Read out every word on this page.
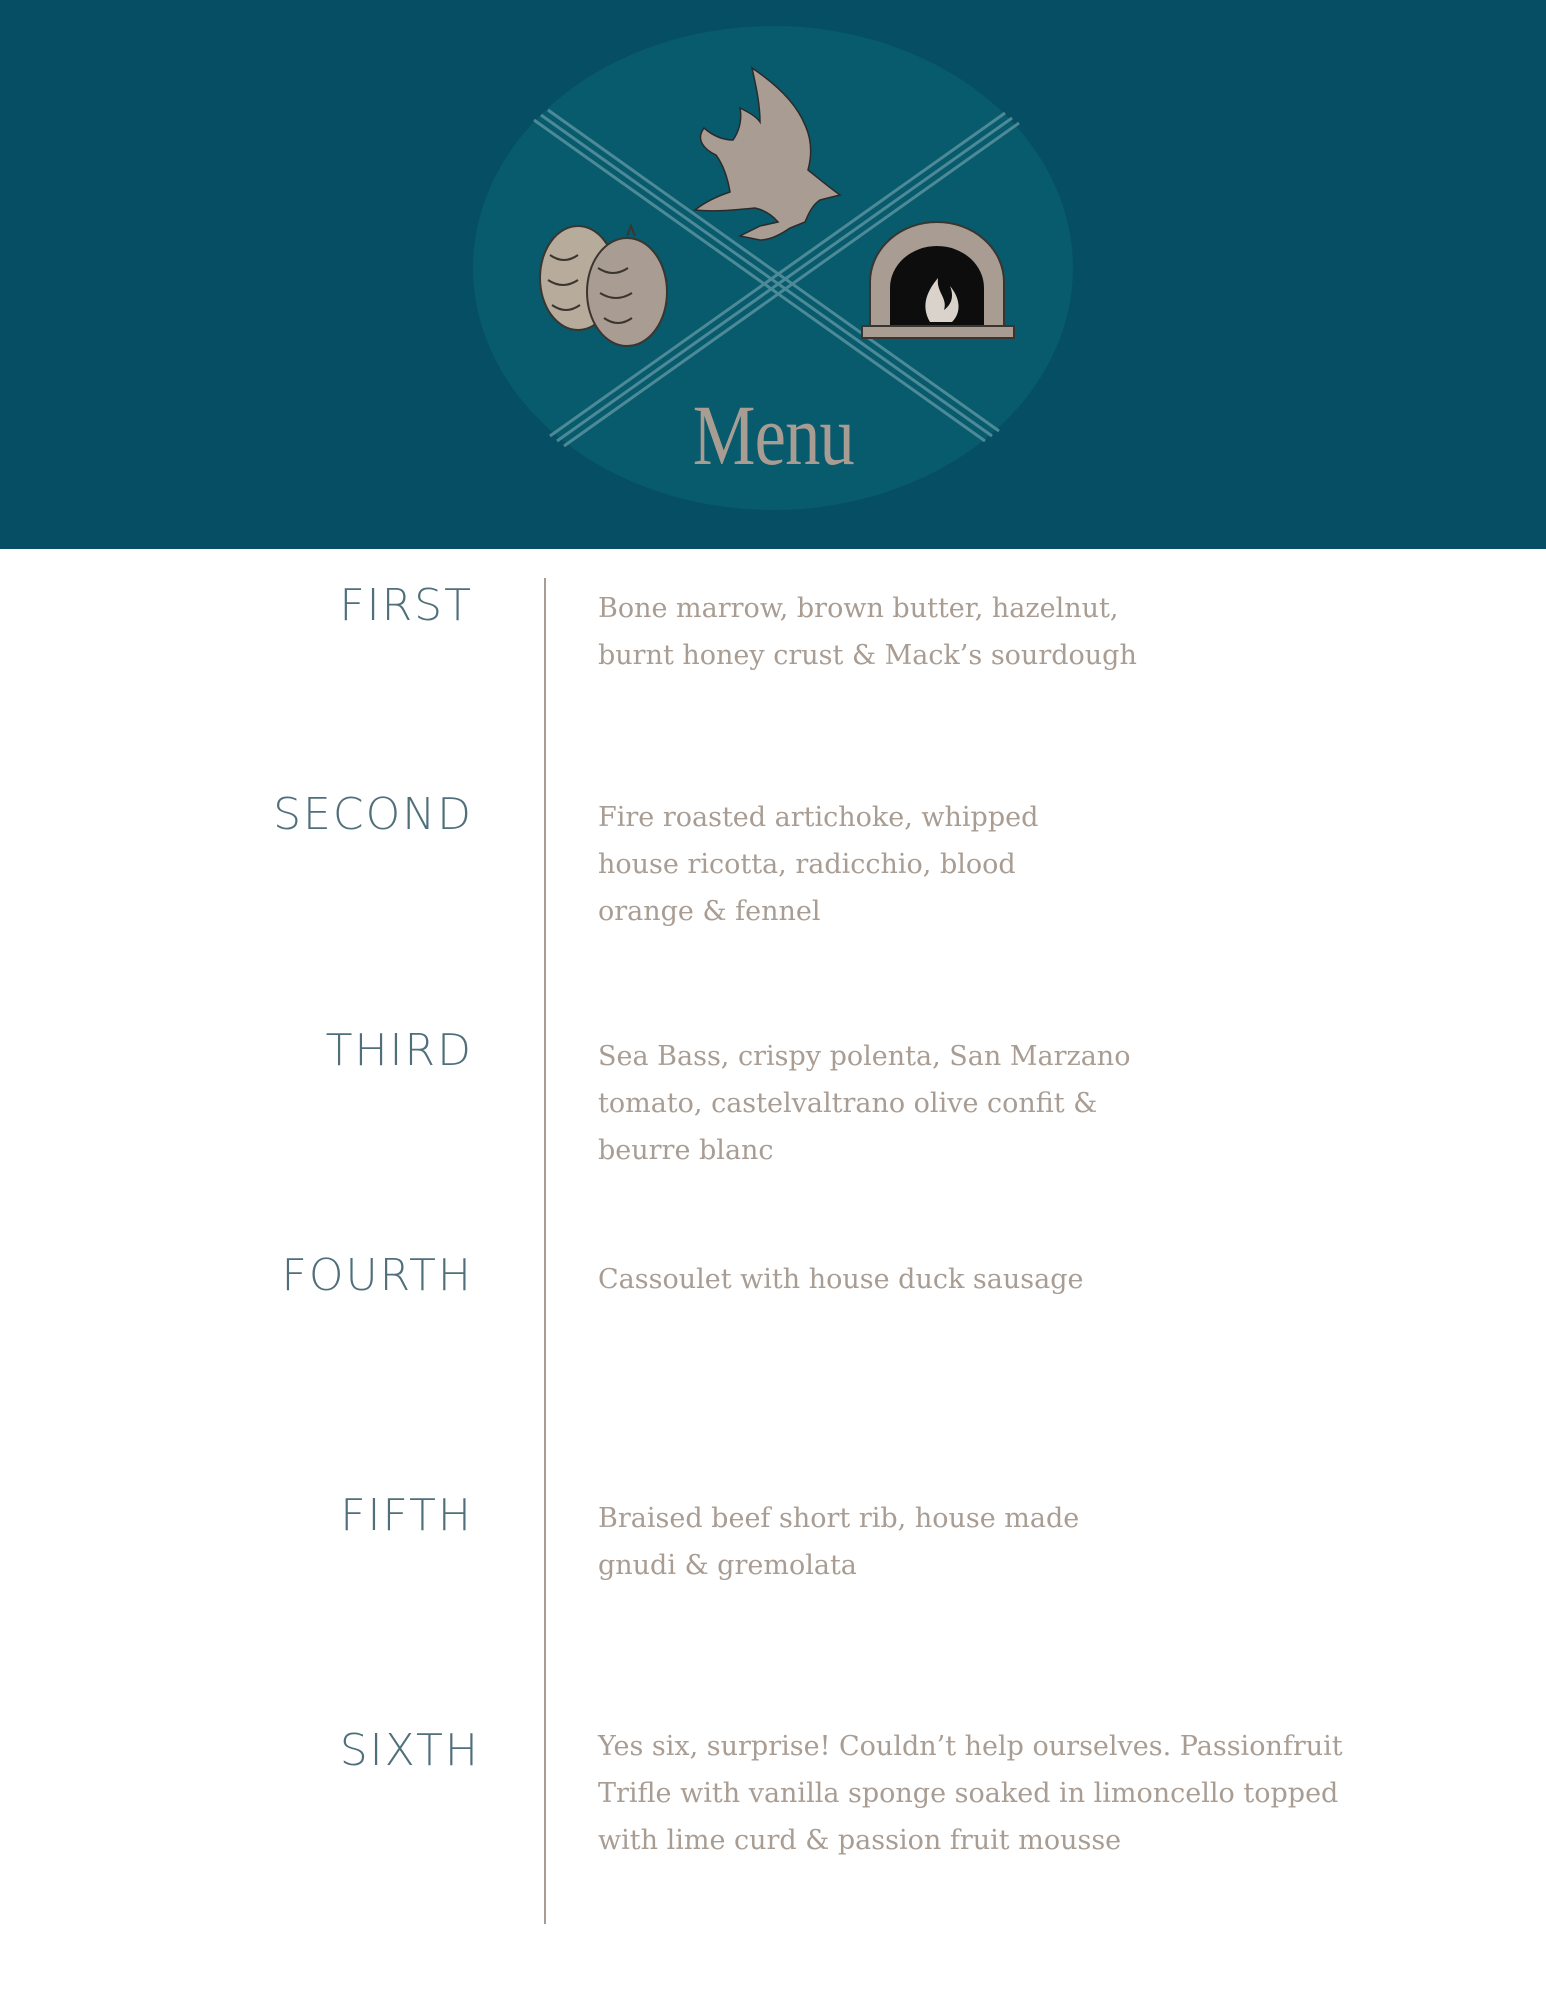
Menu
FIRST	Bone marrow, brown butter, hazelnut, burnt honey crust & Mack’s sourdough
SECOND	Fire roasted artichoke, whipped house ricotta, radicchio, blood orange & fennel
THIRD	Sea Bass, crispy polenta, San Marzano tomato, castelvaltrano olive confit & beurre blanc
FOURTH	Cassoulet with house duck sausage
FIFTH	Braised beef short rib, house made gnudi & gremolata
SIXTH	Yes six, surprise! Couldn’t help ourselves. Passionfruit Trifle with vanilla sponge soaked in limoncello topped with lime curd & passion fruit mousse
